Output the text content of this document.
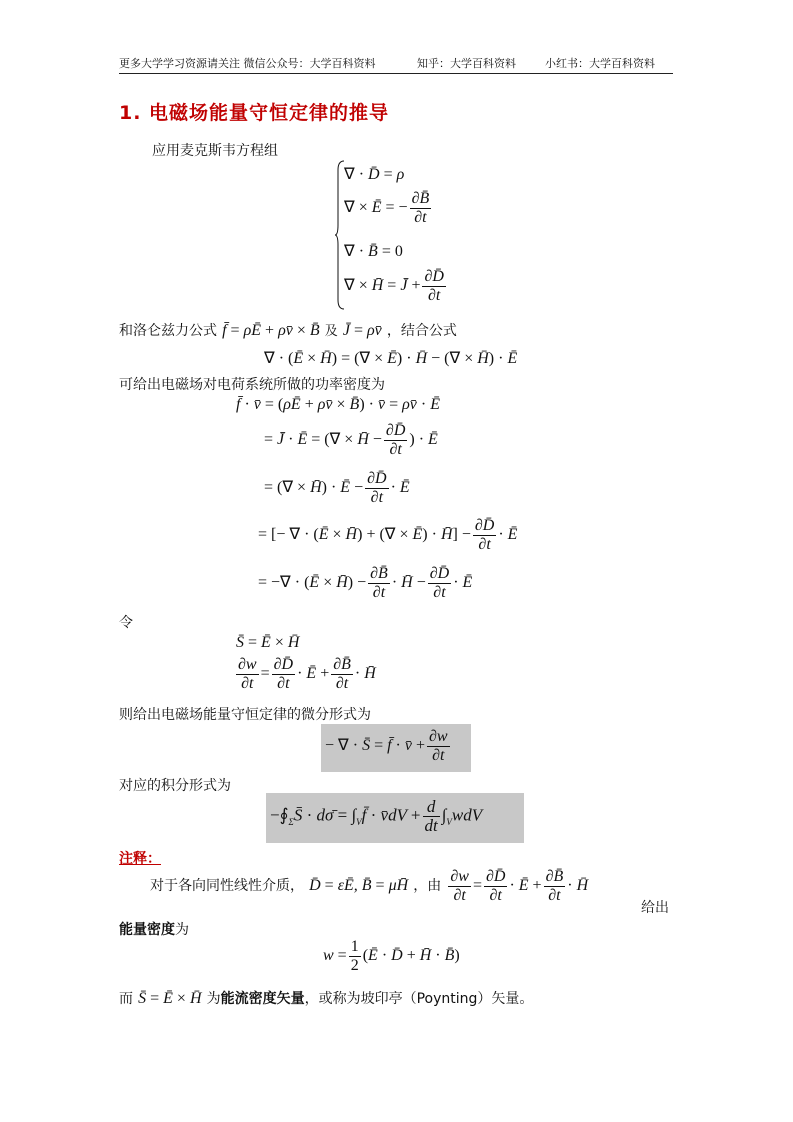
更多大学学习资源请关注 微信公众号：大学百科资料	知乎：大学百科资料	小红书：大学百科资料
1. 电磁场能量守恒定律的推导
应用麦克斯韦方程组
∇ · D̄ = ρ
∇ × Ē = − $\frac{\partial B̄}{\partial t}$
∇ · B̄ = 0
∇ × H̄ = J̄ + $\frac{\partial D̄}{\partial t}$
和洛仑兹力公式 f̄ = ρĒ + ρv̄ × B̄ 及 J̄ = ρv̄ ，结合公式
∇ · (Ē × H̄) = (∇ × Ē) · H̄ − (∇ × H̄) · Ē
可给出电磁场对电荷系统所做的功率密度为
f̄ · v̄ = (ρĒ + ρv̄ × B̄) · v̄ = ρv̄ · Ē
= J̄ · Ē = (∇ × H̄ − $\frac{\partial D̄}{\partial t}$ ) · Ē
= (∇ × H̄) · Ē − $\frac{\partial D̄}{\partial t}$ · Ē
= [− ∇ · (Ē × H̄) + (∇ × Ē) · H̄] − $\frac{\partial D̄}{\partial t}$ · Ē
= −∇ · (Ē × H̄) − $\frac{\partial B̄}{\partial t}$ · H̄ − $\frac{\partial D̄}{\partial t}$ · Ē
令
S̄ = Ē × H̄
$\frac{\partial w}{\partial t} = \frac{\partial D̄}{\partial t}$ · Ē + $\frac{\partial B̄}{\partial t}$ · H̄
则给出电磁场能量守恒定律的微分形式为
− ∇ · S̄ = f̄ · v̄ + $\frac{\partial w}{\partial t}$
对应的积分形式为
$-∮_\Sigma S̄$ · dσ̄ = $\int_Vf̄$ · v̄dV + $\frac{d}{dt} \int_VwdV$
注释：
对于各向同性线性介质， D̄ = εĒ, B̄ = μH̄ ，由 $\frac{\partial w}{\partial t} = \frac{\partial D̄}{\partial t}$ · Ē + $\frac{\partial B̄}{\partial t}$ · H̄
给出
能量密度为
$w = \frac{1}{2}$ (Ē · D̄ + H̄ · B̄)
而 S̄ = Ē × H̄ 为能流密度矢量，或称为坡印亭（Poynting）矢量。
